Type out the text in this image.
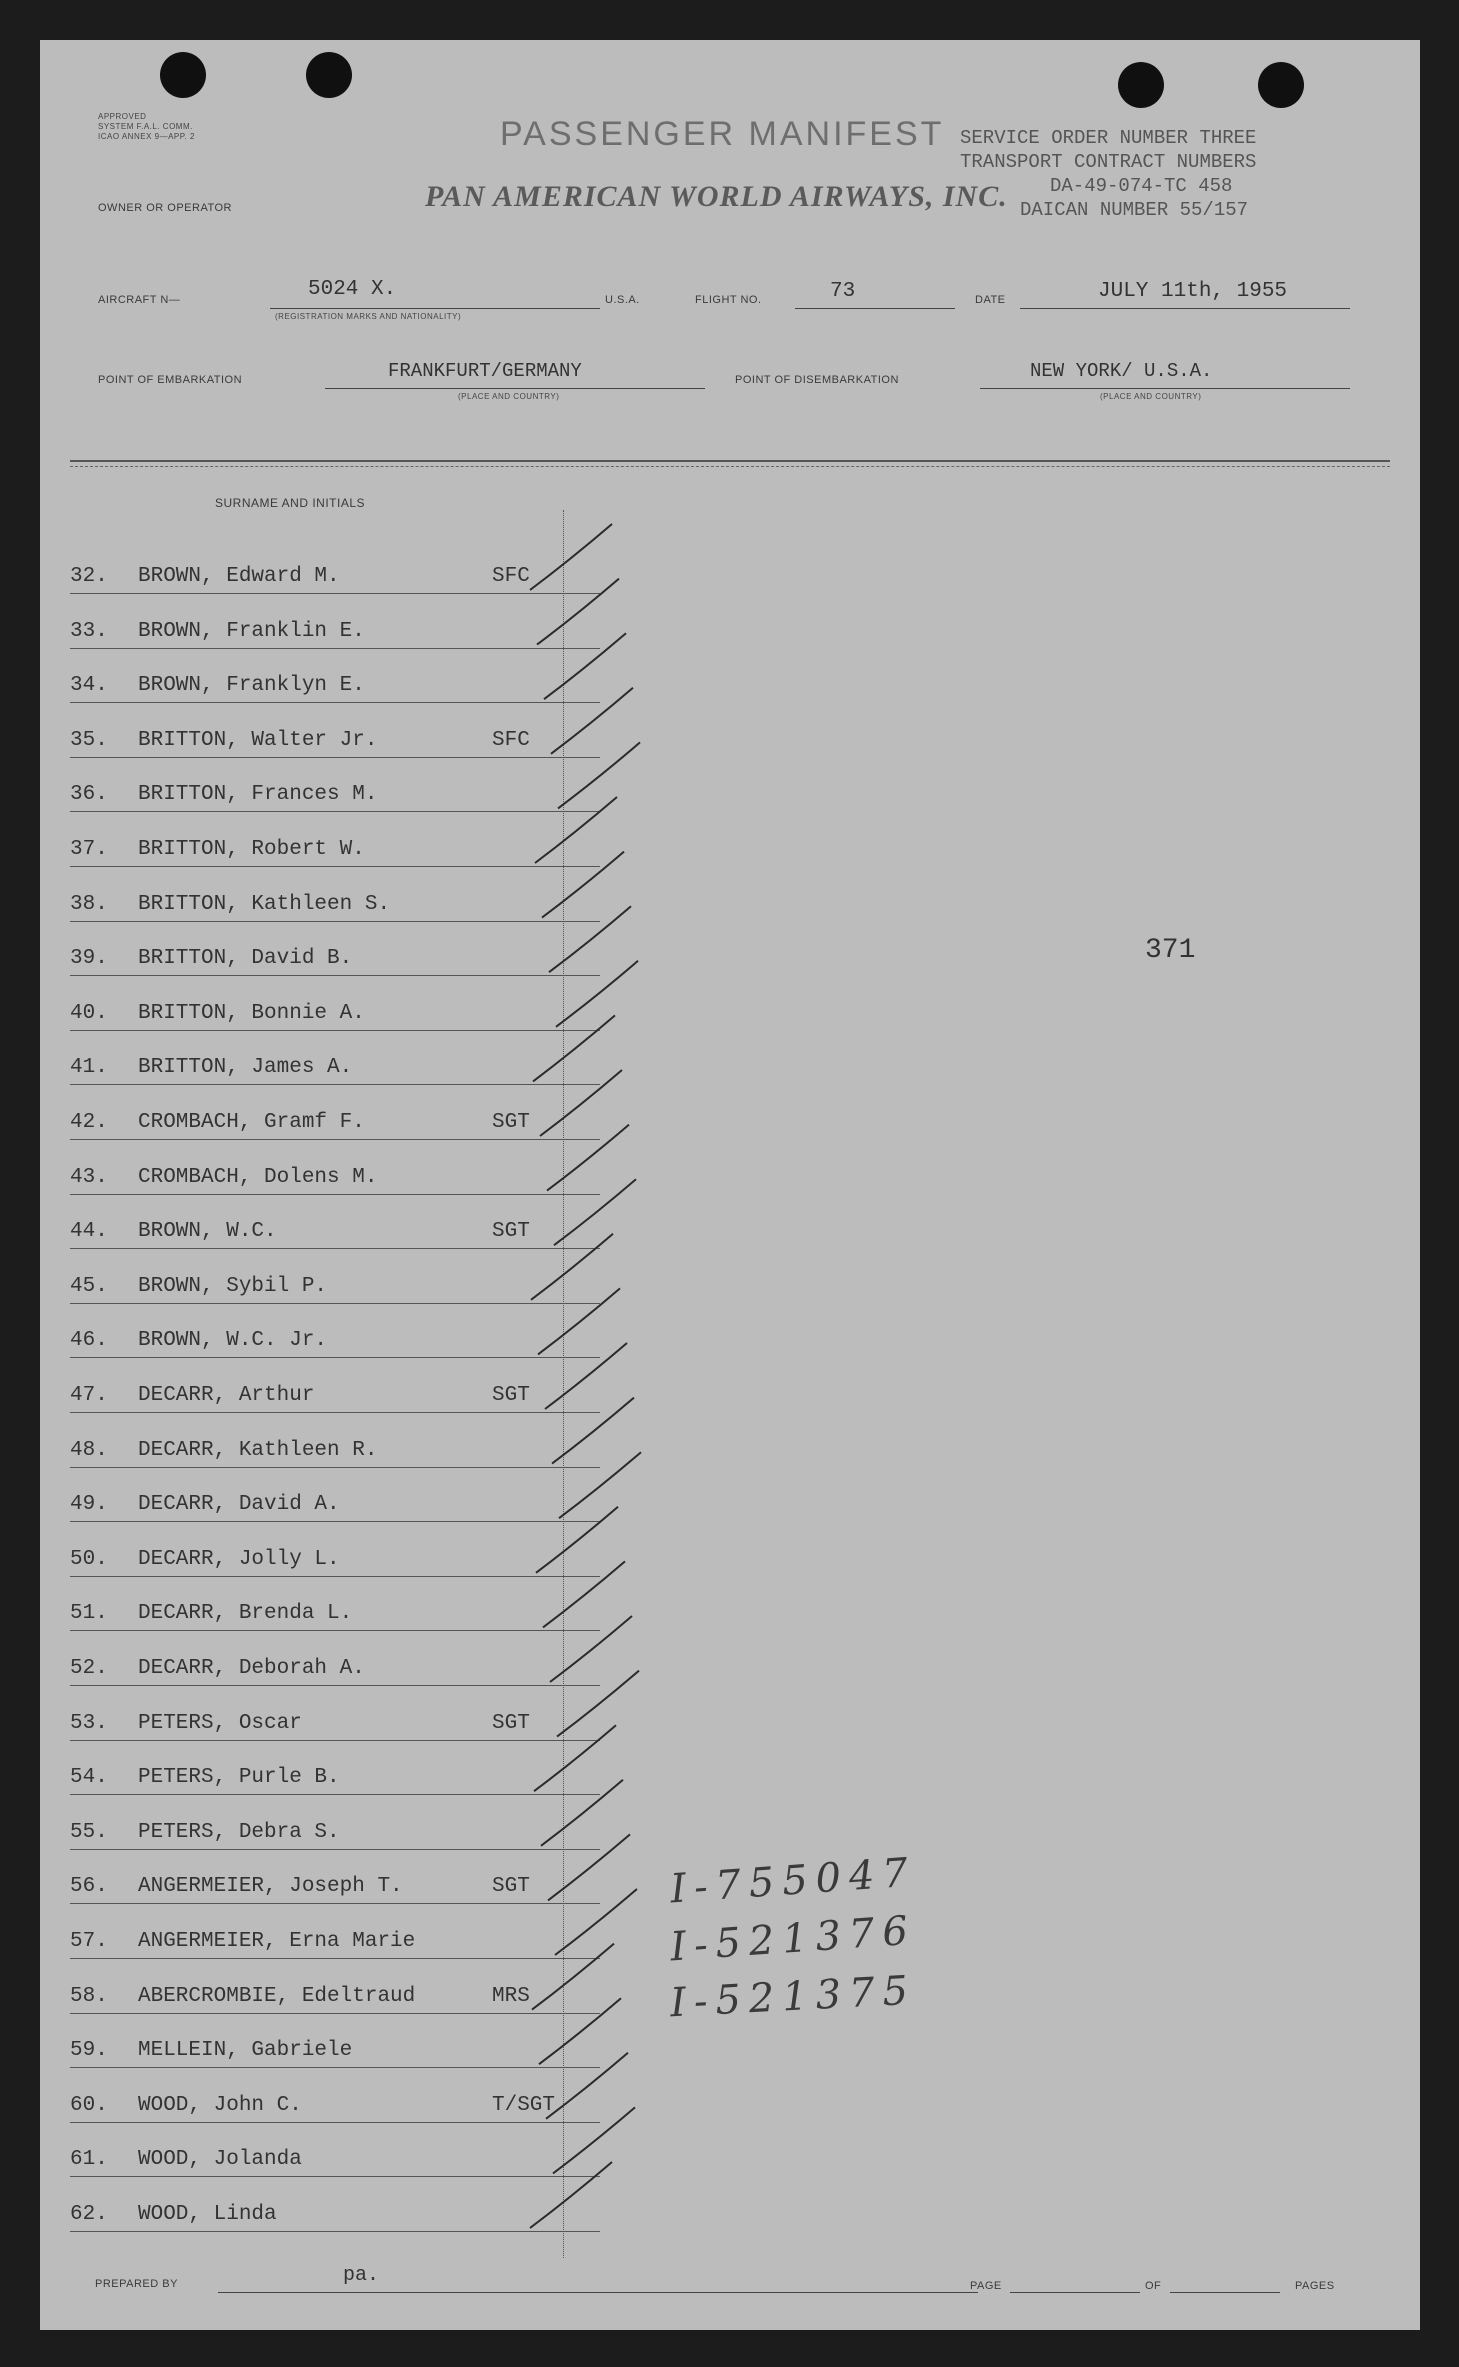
APPROVED
SYSTEM F.A.L. COMM.
ICAO ANNEX 9—APP. 2	PASSENGER MANIFEST SERVICE ORDER NUMBER THREE
TRANSPORT CONTRACT NUMBERS
DA-49-074-TC 458
DAICAN NUMBER 55/157
OWNER OR OPERATOR	PAN AMERICAN WORLD AIRWAYS, INC.
AIRCRAFT N—	5024 X.
(REGISTRATION MARKS AND NATIONALITY)
U.S.A.	FLIGHT NO.	73	DATE	JULY 11th, 1955
POINT OF EMBARKATION	FRANKFURT/GERMANY
(PLACE AND COUNTRY)
POINT OF DISEMBARKATION	NEW YORK/ U.S.A.
(PLACE AND COUNTRY)
SURNAME AND INITIALS
32. BROWN, Edward M.	SFC
33. BROWN, Franklin E.
34. BROWN, Franklyn E.
35. BRITTON, Walter Jr.	SFC
36. BRITTON, Frances M.
37. BRITTON, Robert W.
38. BRITTON, Kathleen S.
39. BRITTON, David B.
40. BRITTON, Bonnie A.
41. BRITTON, James A.
42. CROMBACH, Gramf F.	SGT
43. CROMBACH, Dolens M.
44. BROWN, W.C.	SGT
45. BROWN, Sybil P.
46. BROWN, W.C. Jr.
47. DECARR, Arthur	SGT
48. DECARR, Kathleen R.
49. DECARR, David A.
50. DECARR, Jolly L.
51. DECARR, Brenda L.
52. DECARR, Deborah A.
53. PETERS, Oscar	SGT
54. PETERS, Purle B.
55. PETERS, Debra S.
56. ANGERMEIER, Joseph T.	SGT
57. ANGERMEIER, Erna Marie
58. ABERCROMBIE, Edeltraud	MRS
59. MELLEIN, Gabriele
60. WOOD, John C.	T/SGT
61. WOOD, Jolanda
62. WOOD, Linda
371
I-755047
I-521376
I-521375
PREPARED BY	pa.	PAGE	OF	PAGES
